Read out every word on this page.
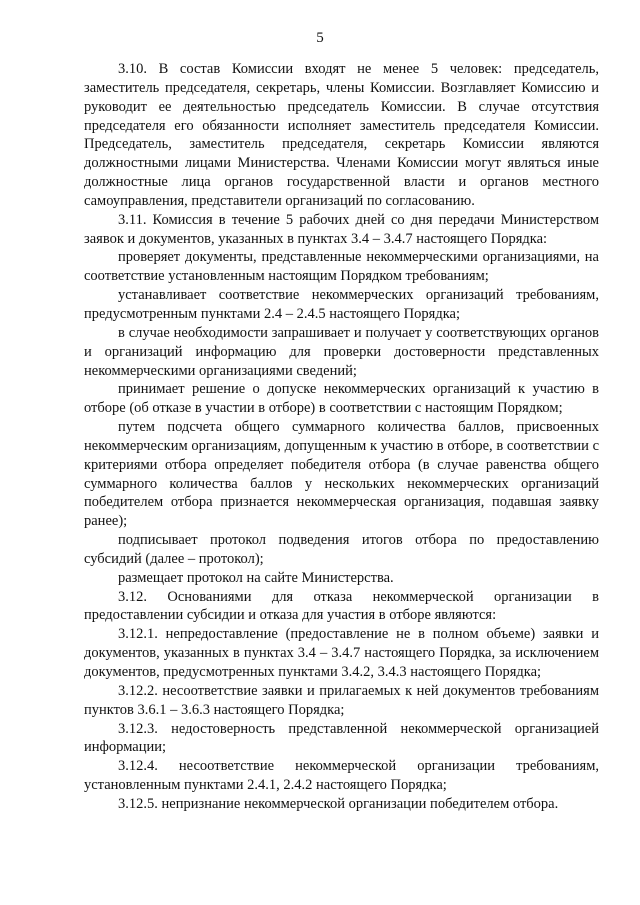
5

3.10. В состав Комиссии входят не менее 5 человек: председатель, заместитель председателя, секретарь, члены Комиссии. Возглавляет Комиссию и руководит ее деятельностью председатель Комиссии. В случае отсутствия председателя его обязанности исполняет заместитель председателя Комиссии. Председатель, заместитель председателя, секретарь Комиссии являются должностными лицами Министерства. Членами Комиссии могут являться иные должностные лица органов государственной власти и органов местного самоуправления, представители организаций по согласованию.

3.11. Комиссия в течение 5 рабочих дней со дня передачи Министерством заявок и документов, указанных в пунктах 3.4 – 3.4.7 настоящего Порядка:

проверяет документы, представленные некоммерческими организациями, на соответствие установленным настоящим Порядком требованиям;

устанавливает соответствие некоммерческих организаций требованиям, предусмотренным пунктами 2.4 – 2.4.5 настоящего Порядка;

в случае необходимости запрашивает и получает у соответствующих органов и организаций информацию для проверки достоверности представленных некоммерческими организациями сведений;

принимает решение о допуске некоммерческих организаций к участию в отборе (об отказе в участии в отборе) в соответствии с настоящим Порядком;

путем подсчета общего суммарного количества баллов, присвоенных некоммерческим организациям, допущенным к участию в отборе, в соответствии с критериями отбора определяет победителя отбора (в случае равенства общего суммарного количества баллов у нескольких некоммерческих организаций победителем отбора признается некоммерческая организация, подавшая заявку ранее);

подписывает протокол подведения итогов отбора по предоставлению субсидий (далее – протокол);

размещает протокол на сайте Министерства.

3.12. Основаниями для отказа некоммерческой организации в предоставлении субсидии и отказа для участия в отборе являются:

3.12.1. непредоставление (предоставление не в полном объеме) заявки и документов, указанных в пунктах 3.4 – 3.4.7 настоящего Порядка, за исключением документов, предусмотренных пунктами 3.4.2, 3.4.3 настоящего Порядка;

3.12.2. несоответствие заявки и прилагаемых к ней документов требованиям пунктов 3.6.1 – 3.6.3 настоящего Порядка;

3.12.3. недостоверность представленной некоммерческой организацией информации;

3.12.4. несоответствие некоммерческой организации требованиям, установленным пунктами 2.4.1, 2.4.2 настоящего Порядка;

3.12.5. непризнание некоммерческой организации победителем отбора.
